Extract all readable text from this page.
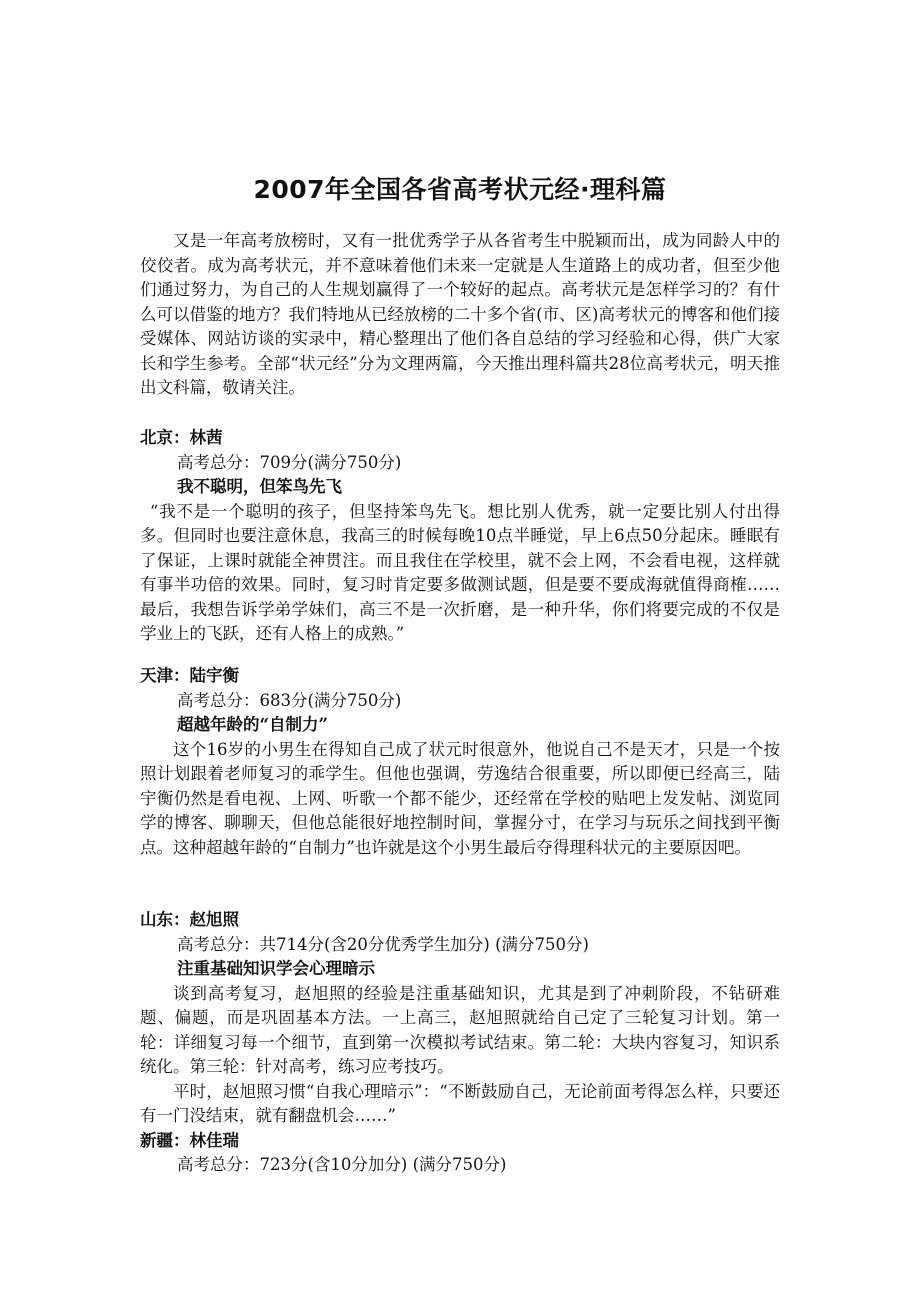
2007年全国各省高考状元经·理科篇

又是一年高考放榜时，又有一批优秀学子从各省考生中脱颖而出，成为同龄人中的佼佼者。成为高考状元，并不意味着他们未来一定就是人生道路上的成功者，但至少他们通过努力，为自己的人生规划赢得了一个较好的起点。高考状元是怎样学习的？有什么可以借鉴的地方？我们特地从已经放榜的二十多个省(市、区)高考状元的博客和他们接受媒体、网站访谈的实录中，精心整理出了他们各自总结的学习经验和心得，供广大家长和学生参考。全部“状元经”分为文理两篇，今天推出理科篇共28位高考状元，明天推出文科篇，敬请关注。

北京：林茜

高考总分：709分(满分750分)

我不聪明，但笨鸟先飞

“我不是一个聪明的孩子，但坚持笨鸟先飞。想比别人优秀，就一定要比别人付出得多。但同时也要注意休息，我高三的时候每晚10点半睡觉，早上6点50分起床。睡眠有了保证，上课时就能全神贯注。而且我住在学校里，就不会上网，不会看电视，这样就有事半功倍的效果。同时，复习时肯定要多做测试题，但是要不要成海就值得商榷……最后，我想告诉学弟学妹们，高三不是一次折磨，是一种升华，你们将要完成的不仅是学业上的飞跃，还有人格上的成熟。”

天津：陆宇衡

高考总分：683分(满分750分)

超越年龄的“自制力”

这个16岁的小男生在得知自己成了状元时很意外，他说自己不是天才，只是一个按照计划跟着老师复习的乖学生。但他也强调，劳逸结合很重要，所以即便已经高三，陆宇衡仍然是看电视、上网、听歌一个都不能少，还经常在学校的贴吧上发发帖、浏览同学的博客、聊聊天，但他总能很好地控制时间，掌握分寸，在学习与玩乐之间找到平衡点。这种超越年龄的“自制力”也许就是这个小男生最后夺得理科状元的主要原因吧。

山东：赵旭照

高考总分：共714分(含20分优秀学生加分) (满分750分)

注重基础知识学会心理暗示

谈到高考复习，赵旭照的经验是注重基础知识，尤其是到了冲刺阶段，不钻研难题、偏题，而是巩固基本方法。一上高三，赵旭照就给自己定了三轮复习计划。第一轮：详细复习每一个细节，直到第一次模拟考试结束。第二轮：大块内容复习，知识系统化。第三轮：针对高考，练习应考技巧。

平时，赵旭照习惯“自我心理暗示”：“不断鼓励自己，无论前面考得怎么样，只要还有一门没结束，就有翻盘机会……”

新疆：林佳瑞

高考总分：723分(含10分加分) (满分750分)
